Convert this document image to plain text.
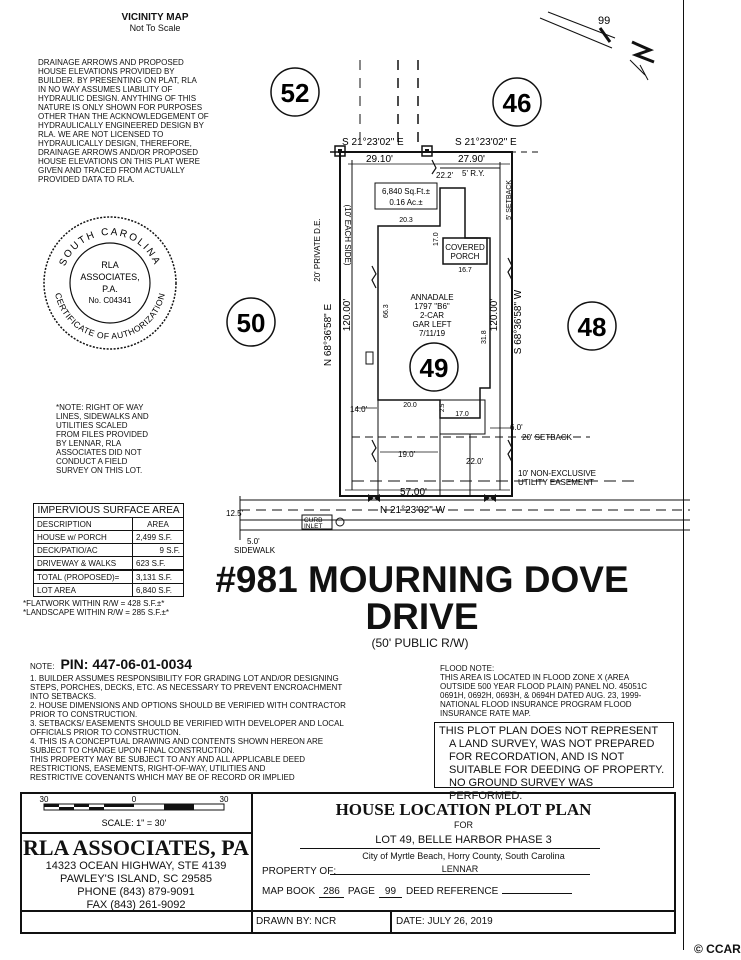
VICINITY MAP
Not To Scale
DRAINAGE ARROWS AND PROPOSED
HOUSE ELEVATIONS PROVIDED BY
BUILDER. BY PRESENTING ON PLAT, RLA
IN NO WAY ASSUMES LIABILITY OF
HYDRAULIC DESIGN. ANYTHING OF THIS
NATURE IS ONLY SHOWN FOR PURPOSES
OTHER THAN THE ACKNOWLEDGEMENT OF
HYDRAULICALLY ENGINEERED DESIGN BY
RLA. WE ARE NOT LICENSED TO
HYDRAULICALLY DESIGN, THEREFORE,
DRAINAGE ARROWS AND/OR PROPOSED
HOUSE ELEVATIONS ON THIS PLAT WERE
GIVEN AND TRACED FROM ACTUALLY
PROVIDED DATA TO RLA.
SOUTH CAROLINA
CERTIFICATE OF AUTHORIZATION
RLA
ASSOCIATES,
P.A.
No. C04341
*NOTE: RIGHT OF WAY
LINES, SIDEWALKS AND
UTILITIES SCALED
FROM FILES PROVIDED
BY LENNAR, RLA
ASSOCIATES DID NOT
CONDUCT A FIELD
SURVEY ON THIS LOT.
IMPERVIOUS SURFACE AREA	
DESCRIPTION	AREA
HOUSE w/ PORCH	2,499 S.F.
DECK/PATIO/AC	9 S.F.
DRIVEWAY & WALKS	623 S.F.
TOTAL (PROPOSED)=	3,131 S.F.
LOT AREA	6,840 S.F.
*FLATWORK WITHIN R/W = 428 S.F.±*
*LANDSCAPE WITHIN R/W = 285 S.F.±*
99
52	46
50	48
49
S 21°23'02" E	S 21°23'02" E
29.10'	27.90'
22.2' 5' R.Y.
6,840 Sq.Ft.±
0.16 Ac.±
20.3
17.0
COVERED
PORCH
16.7
66.3
31.8
ANNADALE
1797 "B6"
2-CAR
GAR LEFT
7/11/19
20' PRIVATE D.E.	(10' EACH SIDE)
N 68°36'58" E 120.00'	120.00' S 68°36'58" W
5' SETBACK
14.0'	20.0	2.5
17.0
6.0'
20' SETBACK
19.0'
22.0'
10' NON-EXCLUSIVE
UTILITY EASEMENT
57.00'
N 21°23'02" W
12.5'
CURB
INLET
5.0'
SIDEWALK
#981 MOURNING DOVE
DRIVE
(50' PUBLIC R/W)
NOTE: PIN: 447-06-01-0034
1. BUILDER ASSUMES RESPONSIBILITY FOR GRADING LOT AND/OR DESIGNING
STEPS, PORCHES, DECKS, ETC. AS NECESSARY TO PREVENT ENCROACHMENT
INTO SETBACKS.
2. HOUSE DIMENSIONS AND OPTIONS SHOULD BE VERIFIED WITH CONTRACTOR
PRIOR TO CONSTRUCTION.
3. SETBACKS/ EASEMENTS SHOULD BE VERIFIED WITH DEVELOPER AND LOCAL
OFFICIALS PRIOR TO CONSTRUCTION.
4. THIS IS A CONCEPTUAL DRAWING AND CONTENTS SHOWN HEREON ARE
SUBJECT TO CHANGE UPON FINAL CONSTRUCTION.
THIS PROPERTY MAY BE SUBJECT TO ANY AND ALL APPLICABLE DEED
RESTRICTIONS, EASEMENTS, RIGHT-OF-WAY, UTILITIES AND
RESTRICTIVE COVENANTS WHICH MAY BE OF RECORD OR IMPLIED
FLOOD NOTE:
THIS AREA IS LOCATED IN FLOOD ZONE X (AREA
OUTSIDE 500 YEAR FLOOD PLAIN) PANEL NO. 45051C
0691H, 0692H, 0693H, & 0694H DATED AUG. 23, 1999-
NATIONAL FLOOD INSURANCE PROGRAM FLOOD
INSURANCE RATE MAP.
THIS PLOT PLAN DOES NOT REPRESENT
A LAND SURVEY, WAS NOT PREPARED
FOR RECORDATION, AND IS NOT
SUITABLE FOR DEEDING OF PROPERTY.
NO GROUND SURVEY WAS PERFORMED.
30	0	30
SCALE: 1" = 30'
RLA ASSOCIATES, PA
14323 OCEAN HIGHWAY, STE 4139
PAWLEY'S ISLAND, SC 29585
PHONE (843) 879-9091
FAX (843) 261-9092
HOUSE LOCATION PLOT PLAN
FOR
LOT 49, BELLE HARBOR PHASE 3
City of Myrtle Beach, Horry County, South Carolina
PROPERTY OF:	LENNAR
MAP BOOK 286 PAGE	99	DEED REFERENCE
DRAWN BY: NCR	DATE: JULY 26, 2019
© CCAR
